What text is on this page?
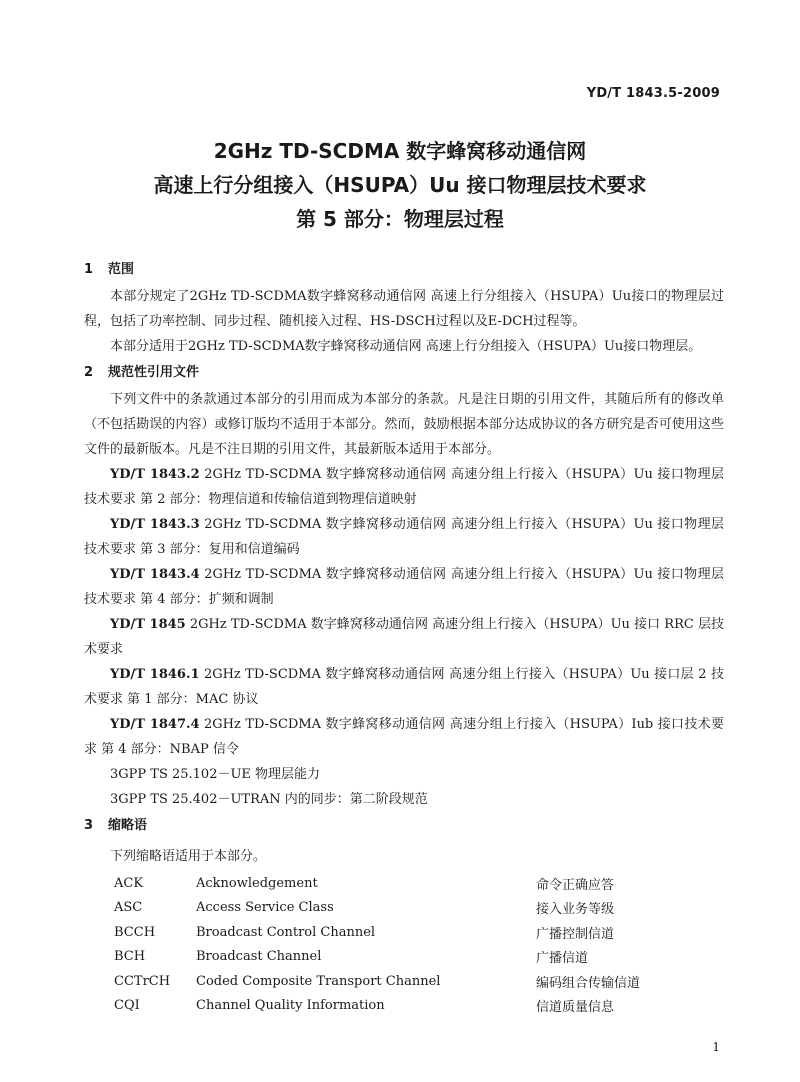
YD/T 1843.5-2009
2GHz TD-SCDMA 数字蜂窝移动通信网
高速上行分组接入（HSUPA）Uu 接口物理层技术要求
第 5 部分：物理层过程
1 范围

本部分规定了2GHz TD-SCDMA数字蜂窝移动通信网 高速上行分组接入（HSUPA）Uu接口的物理层过程，包括了功率控制、同步过程、随机接入过程、HS-DSCH过程以及E-DCH过程等。

本部分适用于2GHz TD-SCDMA数字蜂窝移动通信网 高速上行分组接入（HSUPA）Uu接口物理层。

2 规范性引用文件

下列文件中的条款通过本部分的引用而成为本部分的条款。凡是注日期的引用文件，其随后所有的修改单（不包括勘误的内容）或修订版均不适用于本部分。然而，鼓励根据本部分达成协议的各方研究是否可使用这些文件的最新版本。凡是不注日期的引用文件，其最新版本适用于本部分。

YD/T 1843.2 2GHz TD-SCDMA 数字蜂窝移动通信网 高速分组上行接入（HSUPA）Uu 接口物理层技术要求 第 2 部分：物理信道和传输信道到物理信道映射

YD/T 1843.3 2GHz TD-SCDMA 数字蜂窝移动通信网 高速分组上行接入（HSUPA）Uu 接口物理层技术要求 第 3 部分：复用和信道编码

YD/T 1843.4 2GHz TD-SCDMA 数字蜂窝移动通信网 高速分组上行接入（HSUPA）Uu 接口物理层技术要求 第 4 部分：扩频和调制

YD/T 1845 2GHz TD-SCDMA 数字蜂窝移动通信网 高速分组上行接入（HSUPA）Uu 接口 RRC 层技术要求

YD/T 1846.1 2GHz TD-SCDMA 数字蜂窝移动通信网 高速分组上行接入（HSUPA）Uu 接口层 2 技术要求 第 1 部分：MAC 协议

YD/T 1847.4 2GHz TD-SCDMA 数字蜂窝移动通信网 高速分组上行接入（HSUPA）Iub 接口技术要求 第 4 部分：NBAP 信令

3GPP TS 25.102－UE 物理层能力
3GPP TS 25.402－UTRAN 内的同步：第二阶段规范
3 缩略语
下列缩略语适用于本部分。
ACK	Acknowledgement	命令正确应答
ASC	Access Service Class	接入业务等级
BCCH	Broadcast Control Channel	广播控制信道
BCH	Broadcast Channel	广播信道
CCTrCH	Coded Composite Transport Channel	编码组合传输信道
CQI	Channel Quality Information	信道质量信息
1
